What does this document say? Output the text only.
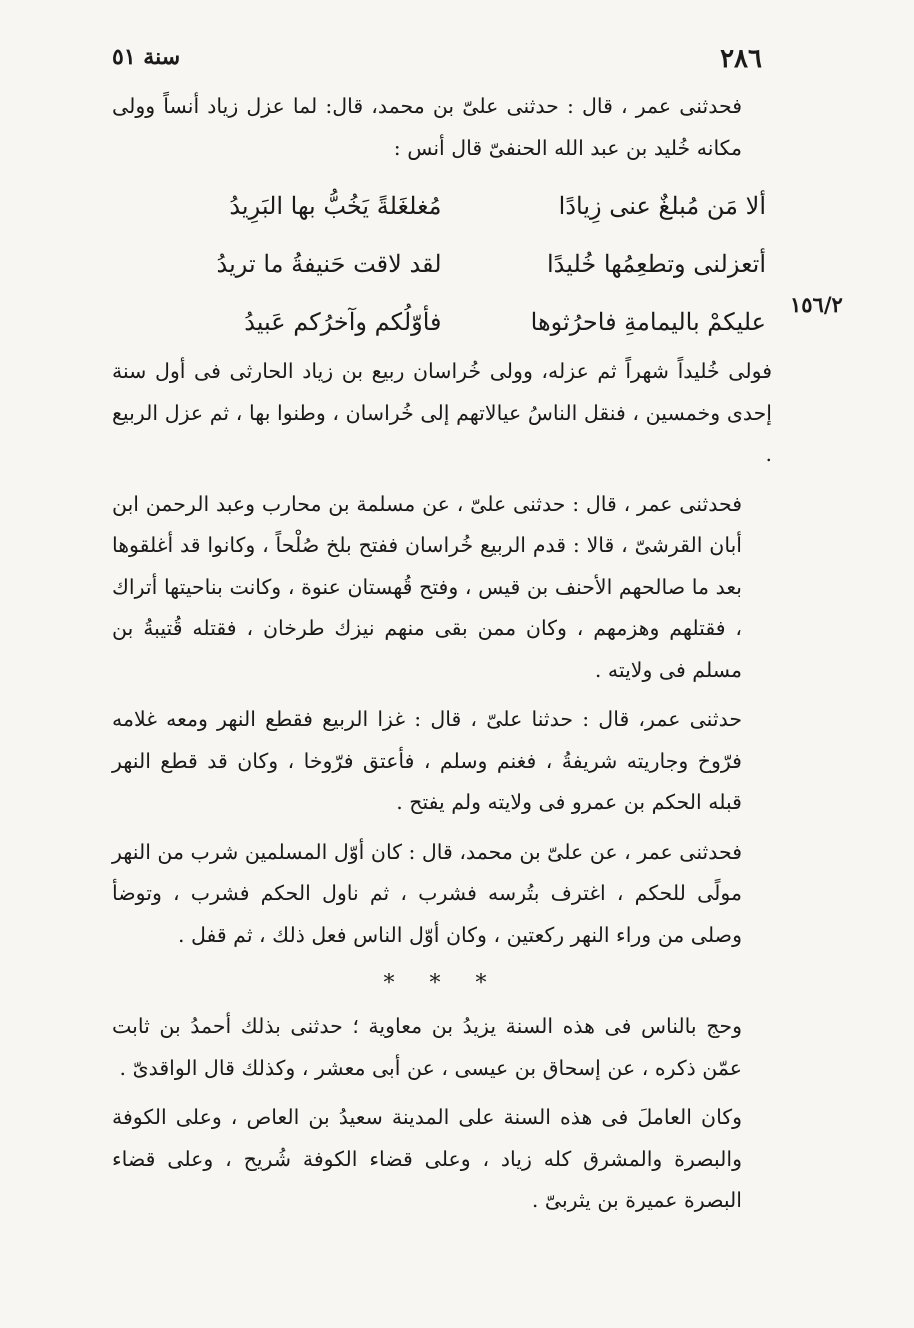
٢٨٦
سنة ٥١
١٥٦/٢

فحدثنى عمر ، قال : حدثنى علىّ بن محمد، قال: لما عزل زياد أنساً وولى مكانه خُليد بن عبد الله الحنفىّ قال أنس :

ألا مَن مُبلغٌ عنى زِيادًا
مُغلغَلةً يَخُبُّ بها البَرِيدُ
أتعزلنى وتطعِمُها خُليدًا
لقد لاقت حَنيفةُ ما تريدُ
عليكمْ باليمامةِ فاحرُثوها
فأوّلُكم وآخرُكم عَبيدُ

فولى خُليداً شهراً ثم عزله، وولى خُراسان ربيع بن زياد الحارثى فى أول سنة إحدى وخمسين ، فنقل الناسُ عيالاتهم إلى خُراسان ، وطنوا بها ، ثم عزل الربيع .

فحدثنى عمر ، قال : حدثنى علىّ ، عن مسلمة بن محارب وعبد الرحمن ابن أبان القرشىّ ، قالا : قدم الربيع خُراسان ففتح بلخ صُلْحاً ، وكانوا قد أغلقوها بعد ما صالحهم الأحنف بن قيس ، وفتح قُهستان عنوة ، وكانت بناحيتها أتراك ، فقتلهم وهزمهم ، وكان ممن بقى منهم نيزك طرخان ، فقتله قُتيبةُ بن مسلم فى ولايته .

حدثنى عمر، قال : حدثنا علىّ ، قال : غزا الربيع فقطع النهر ومعه غلامه فرّوخ وجاريته شريفةُ ، فغنم وسلم ، فأعتق فرّوخا ، وكان قد قطع النهر قبله الحكم بن عمرو فى ولايته ولم يفتح .

فحدثنى عمر ، عن علىّ بن محمد، قال : كان أوّل المسلمين شرب من النهر مولًى للحكم ، اغترف بتُرسه فشرب ، ثم ناول الحكم فشرب ، وتوضأ وصلى من وراء النهر ركعتين ، وكان أوّل الناس فعل ذلك ، ثم قفل .

* * *

وحج بالناس فى هذه السنة يزيدُ بن معاوية ؛ حدثنى بذلك أحمدُ بن ثابت عمّن ذكره ، عن إسحاق بن عيسى ، عن أبى معشر ، وكذلك قال الواقدىّ .

وكان العاملَ فى هذه السنة على المدينة سعيدُ بن العاص ، وعلى الكوفة والبصرة والمشرق كله زياد ، وعلى قضاء الكوفة شُريح ، وعلى قضاء البصرة عميرة بن يثربىّ .
